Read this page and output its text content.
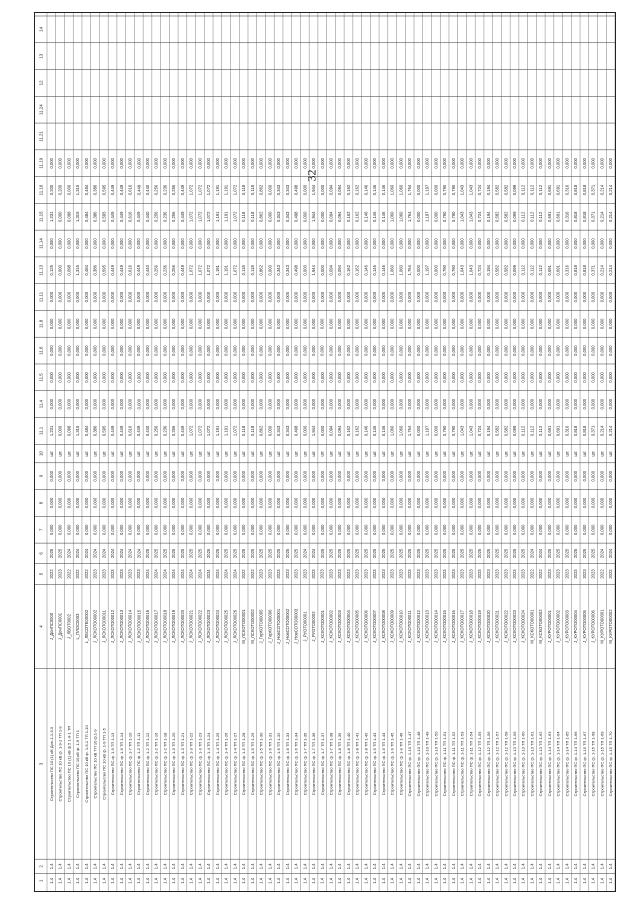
32
1
2
3
4
5
6
7
8
9
10
11.1
11.4
11.5
11.6
11.8
11.11
11.13
11.14
11.15
11.16
11.19
11.21
11.24
12
13
14
1.4
1.4
Строительство ПС 10 (1) кВ Дон-1-1-9-5
J_ДонПС0000
2022
2025
0,000
0,000
0,000
шт.
1,231
0,000
0,000
0,000
0,000
0,000
0,125
0,000
1,231
0,200
0,000
1.4
1.4
Строительство ПС 10 кВ ф. 1-9-1 ТП 1-9
J_ДонПС0001
2023
2025
0,000
0,000
0,000
шт.
0,000
0,000
0,000
0,000
0,000
0,000
0,000
0,000
0,000
0,200
0,000
1.4
1.4
Строительство ПС 10 (1) кВ ф.5 1-9-1 ТП
J_ЛВОТ0002
2022
2024
0,000
0,000
0,000
шт.
0,098
0,000
0,000
0,000
0,000
0,000
0,098
0,000
0,098
0,000
0,000
1.4
1.4
Строительство ПС 10 кВ ф. 1-9 ТП 1
L_ПЛОС0003
2022
2024
0,000
0,000
0,000
шт.
1,315
0,000
0,000
0,000
0,000
0,000
1,315
0,000
1,315
1,315
0,000
1.4
1.4
Строительство ПС 10 кВ ф. 1-9-1 ТП 1-10
L_ЛЕСОТЕ00002
2022
2024
0,000
0,000
0,000
шт.
0,484
0,000
0,000
0,000
0,000
0,000
0,484
0,000
0,484
0,484
0,000
1.4
1.4
Строительство ПС 10 кВ ТП 10 ф.1-9
J_ЛСКОТО00002
2023
2024
0,000
0,000
0,000
шт.
0,386
0,000
0,000
0,000
0,000
0,000
0,386
0,000
0,386
0,386
0,000
1.4
1.4
Строительство ПС 10 кВ ф. 1-9 ТП 1-5
J_ЛСКОТО00011
2023
2024
0,000
0,000
0,000
шт.
0,595
0,000
0,000
0,000
0,000
0,000
0,595
0,000
0,595
0,595
0,000
1.4
1.4
Строительство ПС ф. 1-9 ТП 1-13
J_ЛСКОТО00012
2023
2024
0,000
0,000
0,000
шт.
0,449
0,000
0,000
0,000
0,000
0,000
0,449
0,000
0,449
0,449
0,000
1.4
1.4
Строительство ПС ф. 1-9 ТП 1-14
J_ЛСКОТО00013
2023
2024
0,000
0,000
0,000
шт.
0,449
0,000
0,000
0,000
0,000
0,000
0,449
0,000
0,449
0,449
0,000
1.4
1.4
Строительство ПС ф. 1-7 ТП 1-10
J_ЛСКОТО00014
2023
2024
0,000
0,000
0,000
шт.
0,616
0,000
0,000
0,000
0,000
0,000
0,616
0,000
0,616
0,616
0,000
1.4
1.4
Строительство ПС ф. 1-2 ТП 1-11
J_ЛСКОТО00015
2023
2024
0,000
0,000
0,000
шт.
0,449
0,000
0,000
0,000
0,000
0,000
0,449
0,000
0,449
0,449
0,000
1.4
1.4
Строительство ПС ф. 1-2 ТП 1-12
J_ЛСКОТО00016
2024
2025
0,000
0,000
0,000
шт.
0,440
0,000
0,000
0,000
0,000
0,000
0,440
0,000
0,440
0,440
0,000
1.4
1.4
Строительство ПС ф. 1-2 ТП 1-16
J_ЛСКОТО00017
2024
2025
0,000
0,000
0,000
шт.
0,256
0,000
0,000
0,000
0,000
0,000
0,256
0,000
0,256
0,256
0,000
1.4
1.4
Строительство ПС ф. 1-2 ТП 1-18
J_ЛСКОТО00018
2024
2025
0,000
0,000
0,000
шт.
0,236
0,000
0,000
0,000
0,000
0,000
0,236
0,000
0,236
0,236
0,000
1.4
1.4
Строительство ПС ф. 1-3 ТП 1-20
J_ЛСКОТО00019
2024
2025
0,000
0,000
0,000
шт.
0,256
0,000
0,000
0,000
0,000
0,000
0,256
0,000
0,256
0,256
0,000
1.4
1.4
Строительство ПС ф. 1-3 ТП 1-21
J_ЛСКОТО00020
2024
2025
0,000
0,000
0,000
шт.
0,449
0,000
0,000
0,000
0,000
0,000
0,449
0,000
0,449
0,449
0,000
1.4
1.4
Строительство ПС ф. 1-3 ТП 1-22
J_ЛСКОТО00021
2024
2025
0,000
0,000
0,000
шт.
1,072
0,000
0,000
0,000
0,000
0,000
1,072
0,000
1,072
1,072
0,000
1.4
1.4
Строительство ПС ф. 1-3 ТП 1-23
J_ЛСКОТО00022
2024
2025
0,000
0,000
0,000
шт.
1,072
0,000
0,000
0,000
0,000
0,000
1,072
0,000
1,072
1,072
0,000
1.4
1.4
Строительство ПС ф. 1-4 ТП 1-24
J_ЛСКОТО00023
2024
2025
0,000
0,000
0,000
шт.
1,072
0,000
0,000
0,000
0,000
0,000
1,072
0,000
1,072
1,072
0,000
1.4
1.4
Строительство ПС ф. 1-4 ТП 1-25
J_ЛСКОТО00024
2024
2025
0,000
0,000
0,000
шт.
1,191
0,000
0,000
0,000
0,000
0,000
1,191
0,000
1,191
1,191
0,000
1.4
1.4
Строительство ПС ф. 1-4 ТП 1-26
J_ЛСКОТО00025
2024
2025
0,000
0,000
0,000
шт.
1,191
0,000
0,000
0,000
0,000
0,000
1,191
0,000
1,191
1,191
0,000
1.4
1.4
Строительство ПС ф. 1-4 ТП 1-27
J_ЛСКОТО00026
2024
2025
0,000
0,000
0,000
шт.
1,072
0,000
0,000
0,000
0,000
0,000
1,072
0,000
1,072
1,072
0,000
1.4
1.4
Строительство ПС ф. 1-5 ТП 1-28
M_ЛСКОТО00001
2022
2025
0,000
0,000
0,000
шт.
0,118
0,000
0,000
0,000
0,000
0,000
0,118
0,000
0,118
0,118
0,000
1.4
1.4
Строительство ПС ф. 1-5 ТП 1-29
M_ЛСКОТО00002
2022
2025
0,000
0,000
0,000
шт.
0,118
0,000
0,000
0,000
0,000
0,000
0,118
0,000
0,118
0,118
0,000
1.4
1.4
Строительство ПС ф. 1-5 ТП 1-30
J_ГорКОТО00005
2023
2025
0,000
0,000
0,000
шт.
0,862
0,000
0,000
0,000
0,000
0,000
0,862
0,000
0,862
0,862
0,000
1.4
1.4
Строительство ПС ф. 1-6 ТП 1-31
J_ГорКОТО00006
2023
2025
0,000
0,000
0,000
шт.
0,000
0,000
0,000
0,000
0,000
0,000
0,000
0,000
0,000
0,000
0,000
1.4
1.4
Строительство ПС ф. 1-6 ТП 1-32
J_НовСОТО00001
2023
2025
0,000
0,000
0,000
шт.
0,343
0,000
0,000
0,000
0,000
0,000
0,343
0,000
0,343
0,343
0,000
1.4
1.4
Строительство ПС ф. 1-6 ТП 1-33
J_НовСОТО00002
2023
2025
0,000
0,000
0,000
шт.
0,343
0,000
0,000
0,000
0,000
0,000
0,343
0,000
0,343
0,343
0,000
1.4
1.4
Строительство ПС ф. 1-6 ТП 1-34
J_НовСОТО00003
2023
2025
0,000
0,000
0,000
шт.
0,498
0,000
0,000
0,000
0,000
0,000
0,498
0,000
0,498
0,498
0,000
1.4
1.4
Строительство ПС ф. 1-7 ТП 1-35
J_РУОТО00001
2023
2024
0,000
0,000
0,000
шт.
0,000
0,000
0,000
0,000
0,000
0,000
0,000
0,000
0,000
0,000
0,000
1.4
1.4
Строительство ПС ф. 1-7 ТП 1-36
J_РУОТО00002
2023
2024
0,000
0,000
0,000
шт.
1,944
0,000
0,000
0,000
0,000
0,000
1,944
0,000
1,944
1,944
0,000
1.4
1.4
Строительство ПС ф. 1-7 ТП 1-37
J_КСКОТО00001
2023
2025
0,000
0,000
0,000
шт.
0,000
0,000
0,000
0,000
0,000
0,000
0,000
0,000
0,000
0,000
0,000
1.4
1.4
Строительство ПС ф. 1-7 ТП 1-38
J_КСКОТО00002
2023
2025
0,000
0,000
0,000
шт.
0,094
0,000
0,000
0,000
0,000
0,000
0,094
0,000
0,094
0,094
0,000
1.4
1.4
Строительство ПС ф. 1-8 ТП 1-39
J_КСКОТО00003
2023
2025
0,000
0,000
0,000
шт.
0,094
0,000
0,000
0,000
0,000
0,000
0,094
0,000
0,094
0,094
0,000
1.4
1.4
Строительство ПС ф. 1-8 ТП 1-40
J_КСКОТО00004
2023
2025
0,000
0,000
0,000
шт.
0,162
0,000
0,000
0,000
0,000
0,000
0,162
0,000
0,162
0,162
0,000
1.4
1.4
Строительство ПС ф. 1-8 ТП 1-41
J_КСКОТО00005
2023
2025
0,000
0,000
0,000
шт.
0,162
0,000
0,000
0,000
0,000
0,000
0,162
0,000
0,162
0,162
0,000
1.4
1.4
Строительство ПС ф. 1-8 ТП 1-42
J_КСКОТО00006
2023
2025
0,000
0,000
0,000
шт.
0,146
0,000
0,000
0,000
0,000
0,000
0,146
0,000
0,146
0,146
0,000
1.4
1.4
Строительство ПС ф. 1-9 ТП 1-43
J_КСКОТО00007
2023
2025
0,000
0,000
0,000
шт.
0,146
0,000
0,000
0,000
0,000
0,000
0,146
0,000
0,146
0,146
0,000
1.4
1.4
Строительство ПС ф. 1-9 ТП 1-44
J_КСКОТО00008
2023
2025
0,000
0,000
0,000
шт.
0,146
0,000
0,000
0,000
0,000
0,000
0,146
0,000
0,146
0,146
0,000
1.4
1.4
Строительство ПС ф. 1-9 ТП 1-45
J_КСКОТО00009
2023
2025
0,000
0,000
0,000
шт.
1,060
0,000
0,000
0,000
0,000
0,000
1,060
0,000
1,060
1,060
0,000
1.4
1.4
Строительство ПС ф. 1-9 ТП 1-46
J_КСКОТО00010
2023
2025
0,000
0,000
0,000
шт.
1,060
0,000
0,000
0,000
0,000
0,000
1,060
0,000
1,060
1,060
0,000
1.4
1.4
Строительство ПС ф. 1-10 ТП 1-47
J_КСКОТО00011
2023
2025
0,000
0,000
0,000
шт.
1,764
0,000
0,000
0,000
0,000
0,000
1,764
0,000
1,764
1,764
0,000
1.4
1.4
Строительство ПС ф. 1-10 ТП 1-48
J_КСКОТО00012
2023
2025
0,000
0,000
0,000
шт.
0,000
0,000
0,000
0,000
0,000
0,000
0,000
0,000
0,000
0,000
0,000
1.4
1.4
Строительство ПС ф. 1-10 ТП 1-49
J_КСКОТО00013
2023
2025
0,000
0,000
0,000
шт.
1,197
0,000
0,000
0,000
0,000
0,000
1,197
0,000
1,197
1,197
0,000
1.4
1.4
Строительство ПС ф. 1-10 ТП 1-50
J_КСКОТО00014
2023
2025
0,000
0,000
0,000
шт.
0,000
0,000
0,000
0,000
0,000
0,000
0,000
0,000
0,000
0,000
0,000
1.4
1.4
Строительство ПС ф. 1-11 ТП 1-51
J_КСКОТО00015
2023
2025
0,000
0,000
0,000
шт.
0,790
0,000
0,000
0,000
0,000
0,000
0,790
0,000
0,790
0,790
0,000
1.4
1.4
Строительство ПС ф. 1-11 ТП 1-52
J_КСКОТО00016
2023
2025
0,000
0,000
0,000
шт.
0,790
0,000
0,000
0,000
0,000
0,000
0,790
0,000
0,790
0,790
0,000
1.4
1.4
Строительство ПС ф. 1-11 ТП 1-53
J_КСКОТО00017
2023
2025
0,000
0,000
0,000
шт.
1,043
0,000
0,000
0,000
0,000
0,000
1,043
0,000
1,043
1,043
0,000
1.4
1.4
Строительство ПС ф. 1-11 ТП 1-54
J_КСКОТО00018
2023
2025
0,000
0,000
0,000
шт.
1,043
0,000
0,000
0,000
0,000
0,000
1,043
0,000
1,043
1,043
0,000
1.4
1.4
Строительство ПС ф. 1-12 ТП 1-55
J_КСКОТО00019
2023
2025
0,000
0,000
0,000
шт.
0,724
0,000
0,000
0,000
0,000
0,000
0,724
0,000
0,724
0,724
0,000
1.4
1.4
Строительство ПС ф. 1-12 ТП 1-56
J_КСКОТО00020
2023
2025
0,000
0,000
0,000
шт.
0,194
0,000
0,000
0,000
0,000
0,000
0,194
0,000
0,194
0,194
0,000
1.4
1.4
Строительство ПС ф. 1-12 ТП 1-57
J_КСКОТО00021
2023
2025
0,000
0,000
0,000
шт.
0,582
0,000
0,000
0,000
0,000
0,000
0,582
0,000
0,582
0,582
0,000
1.4
1.4
Строительство ПС ф. 1-12 ТП 1-58
J_КСКОТО00022
2023
2025
0,000
0,000
0,000
шт.
0,582
0,000
0,000
0,000
0,000
0,000
0,582
0,000
0,582
0,582
0,000
1.4
1.4
Строительство ПС ф. 1-13 ТП 1-59
J_КСКОТО00023
2023
2025
0,000
0,000
0,000
шт.
0,099
0,000
0,000
0,000
0,000
0,000
0,099
0,000
0,099
0,099
0,000
1.4
1.4
Строительство ПС ф. 1-13 ТП 1-60
J_КСКОТО00024
2023
2025
0,000
0,000
0,000
шт.
0,112
0,000
0,000
0,000
0,000
0,000
0,112
0,000
0,112
0,112
0,000
1.4
1.4
Строительство ПС ф. 1-13 ТП 1-61
M_КСКОТО00001
2022
2024
0,000
0,000
0,000
шт.
0,112
0,000
0,000
0,000
0,000
0,000
0,112
0,000
0,112
0,112
0,000
1.4
1.4
Строительство ПС ф. 1-13 ТП 1-62
M_КСКОТО00002
2022
2024
0,000
0,000
0,000
шт.
0,112
0,000
0,000
0,000
0,000
0,000
0,112
0,000
0,112
0,112
0,000
1.4
1.4
Строительство ПС ф. 1-14 ТП 1-63
J_КУРОТО00001
2023
2025
0,000
0,000
0,000
шт.
0,691
0,000
0,000
0,000
0,000
0,000
0,691
0,000
0,691
0,691
0,000
1.4
1.4
Строительство ПС ф. 1-14 ТП 1-64
J_КУРОТО00002
2023
2025
0,000
0,000
0,000
шт.
0,691
0,000
0,000
0,000
0,000
0,000
0,691
0,000
0,691
0,691
0,000
1.4
1.4
Строительство ПС ф. 1-14 ТП 1-65
J_КУРОТО00003
2023
2025
0,000
0,000
0,000
шт.
0,316
0,000
0,000
0,000
0,000
0,000
0,316
0,000
0,316
0,316
0,000
1.4
1.4
Строительство ПС ф. 1-14 ТП 1-66
J_КУРОТО00004
2023
2025
0,000
0,000
0,000
шт.
0,818
0,000
0,000
0,000
0,000
0,000
0,818
0,000
0,818
0,818
0,000
1.4
1.4
Строительство ПС ф. 1-15 ТП 1-67
J_КУРОТО00005
2023
2025
0,000
0,000
0,000
шт.
0,818
0,000
0,000
0,000
0,000
0,000
0,818
0,000
0,818
0,818
0,000
1.4
1.4
Строительство ПС ф. 1-15 ТП 1-68
J_КУРОТО00006
2023
2025
0,000
0,000
0,000
шт.
0,371
0,000
0,000
0,000
0,000
0,000
0,371
0,000
0,371
0,371
0,000
1.4
1.4
Строительство ПС ф. 1-15 ТП 1-69
M_КУРОТО00001
2022
2024
0,000
0,000
0,000
шт.
0,214
0,000
0,000
0,000
0,000
0,000
0,214
0,000
0,214
0,214
0,000
1.4
1.4
Строительство ПС ф. 1-15 ТП 1-70
M_КУРОТО00002
2022
2024
0,000
0,000
0,000
шт.
0,214
0,000
0,000
0,000
0,000
0,000
0,214
0,000
0,214
0,214
0,000
